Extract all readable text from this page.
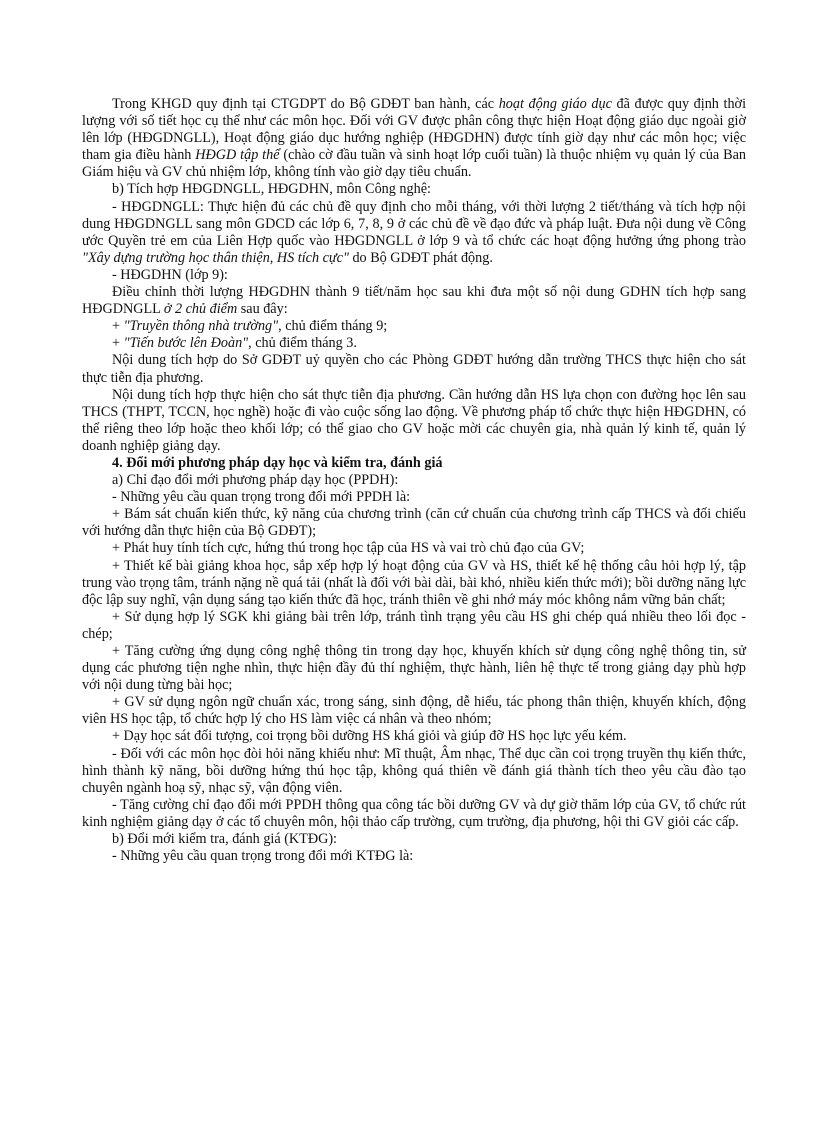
Trong KHGD quy định tại CTGDPT do Bộ GDĐT ban hành, các hoạt động giáo dục đã được quy định thời lượng với số tiết học cụ thể như các môn học. Đối với GV được phân công thực hiện Hoạt động giáo dục ngoài giờ lên lớp (HĐGDNGLL), Hoạt động giáo dục hướng nghiệp (HĐGDHN) được tính giờ dạy như các môn học; việc tham gia điều hành HĐGD tập thể (chào cờ đầu tuần và sinh hoạt lớp cuối tuần) là thuộc nhiệm vụ quản lý của Ban Giám hiệu và GV chủ nhiệm lớp, không tính vào giờ dạy tiêu chuẩn.

b) Tích hợp HĐGDNGLL, HĐGDHN, môn Công nghệ:

- HĐGDNGLL: Thực hiện đủ các chủ đề quy định cho mỗi tháng, với thời lượng 2 tiết/tháng và tích hợp nội dung HĐGDNGLL sang môn GDCD các lớp 6, 7, 8, 9 ở các chủ đề về đạo đức và pháp luật. Đưa nội dung về Công ước Quyền trẻ em của Liên Hợp quốc vào HĐGDNGLL ở lớp 9 và tổ chức các hoạt động hưởng ứng phong trào "Xây dựng trường học thân thiện, HS tích cực" do Bộ GDĐT phát động.

- HĐGDHN (lớp 9):

Điều chỉnh thời lượng HĐGDHN thành 9 tiết/năm học sau khi đưa một số nội dung GDHN tích hợp sang HĐGDNGLL ở 2 chủ điểm sau đây:

+ "Truyền thông nhà trường", chủ điểm tháng 9;

+ "Tiến bước lên Đoàn", chủ điểm tháng 3.

Nội dung tích hợp do Sở GDĐT uỷ quyền cho các Phòng GDĐT hướng dẫn trường THCS thực hiện cho sát thực tiễn địa phương.

Nội dung tích hợp thực hiện cho sát thực tiễn địa phương. Cần hướng dẫn HS lựa chọn con đường học lên sau THCS (THPT, TCCN, học nghề) hoặc đi vào cuộc sống lao động. Về phương pháp tổ chức thực hiện HĐGDHN, có thể riêng theo lớp hoặc theo khối lớp; có thể giao cho GV hoặc mời các chuyên gia, nhà quản lý kinh tế, quản lý doanh nghiệp giảng dạy.

4. Đổi mới phương pháp dạy học và kiểm tra, đánh giá

a) Chỉ đạo đổi mới phương pháp dạy học (PPDH):

- Những yêu cầu quan trọng trong đổi mới PPDH là:

+ Bám sát chuẩn kiến thức, kỹ năng của chương trình (căn cứ chuẩn của chương trình cấp THCS và đối chiếu với hướng dẫn thực hiện của Bộ GDĐT);

+ Phát huy tính tích cực, hứng thú trong học tập của HS và vai trò chủ đạo của GV;

+ Thiết kế bài giảng khoa học, sắp xếp hợp lý hoạt động của GV và HS, thiết kế hệ thống câu hỏi hợp lý, tập trung vào trọng tâm, tránh nặng nề quá tải (nhất là đối với bài dài, bài khó, nhiều kiến thức mới); bồi dưỡng năng lực độc lập suy nghĩ, vận dụng sáng tạo kiến thức đã học, tránh thiên về ghi nhớ máy móc không nắm vững bản chất;

+ Sử dụng hợp lý SGK khi giảng bài trên lớp, tránh tình trạng yêu cầu HS ghi chép quá nhiều theo lối đọc - chép;

+ Tăng cường ứng dụng công nghệ thông tin trong dạy học, khuyến khích sử dụng công nghệ thông tin, sử dụng các phương tiện nghe nhìn, thực hiện đầy đủ thí nghiệm, thực hành, liên hệ thực tế trong giảng dạy phù hợp với nội dung từng bài học;

+ GV sử dụng ngôn ngữ chuẩn xác, trong sáng, sinh động, dễ hiểu, tác phong thân thiện, khuyến khích, động viên HS học tập, tổ chức hợp lý cho HS làm việc cá nhân và theo nhóm;

+ Dạy học sát đối tượng, coi trọng bồi dưỡng HS khá giỏi và giúp đỡ HS học lực yếu kém.

- Đối với các môn học đòi hỏi năng khiếu như: Mĩ thuật, Âm nhạc, Thể dục cần coi trọng truyền thụ kiến thức, hình thành kỹ năng, bồi dưỡng hứng thú học tập, không quá thiên về đánh giá thành tích theo yêu cầu đào tạo chuyên ngành hoạ sỹ, nhạc sỹ, vận động viên.

- Tăng cường chỉ đạo đổi mới PPDH thông qua công tác bồi dưỡng GV và dự giờ thăm lớp của GV, tổ chức rút kinh nghiệm giảng dạy ở các tổ chuyên môn, hội thảo cấp trường, cụm trường, địa phương, hội thi GV giỏi các cấp.

b) Đổi mới kiểm tra, đánh giá (KTĐG):

- Những yêu cầu quan trọng trong đổi mới KTĐG là:
